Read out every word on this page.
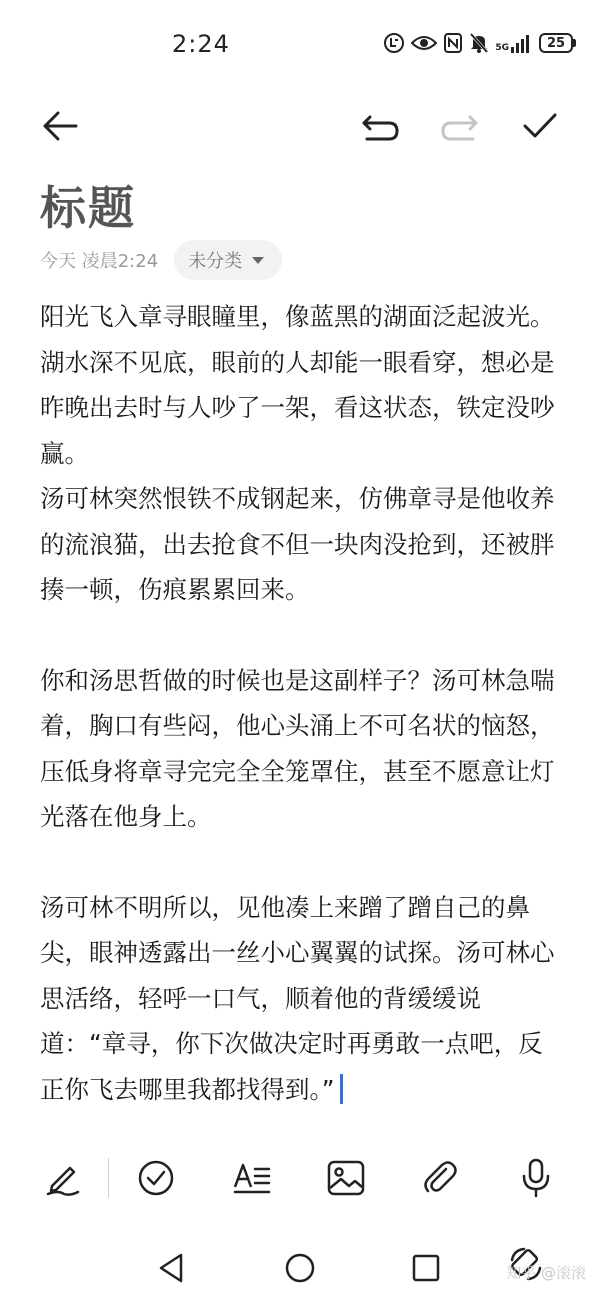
2:24	5G	25
标题
今天 凌晨2:24 未分类

阳光飞入章寻眼瞳里，像蓝黑的湖面泛起波光。湖水深不见底，眼前的人却能一眼看穿，想必是昨晚出去时与人吵了一架，看这状态，铁定没吵赢。

汤可林突然恨铁不成钢起来，仿佛章寻是他收养的流浪猫，出去抢食不但一块肉没抢到，还被胖揍一顿，伤痕累累回来。

你和汤思哲做的时候也是这副样子？汤可林急喘着，胸口有些闷，他心头涌上不可名状的恼怒，压低身将章寻完完全全笼罩住，甚至不愿意让灯光落在他身上。

汤可林不明所以，见他凑上来蹭了蹭自己的鼻尖，眼神透露出一丝小心翼翼的试探。汤可林心思活络，轻呼一口气，顺着他的背缓缓说道：“章寻，你下次做决定时再勇敢一点吧，反正你飞去哪里我都找得到。”

知乎 @滚滚
